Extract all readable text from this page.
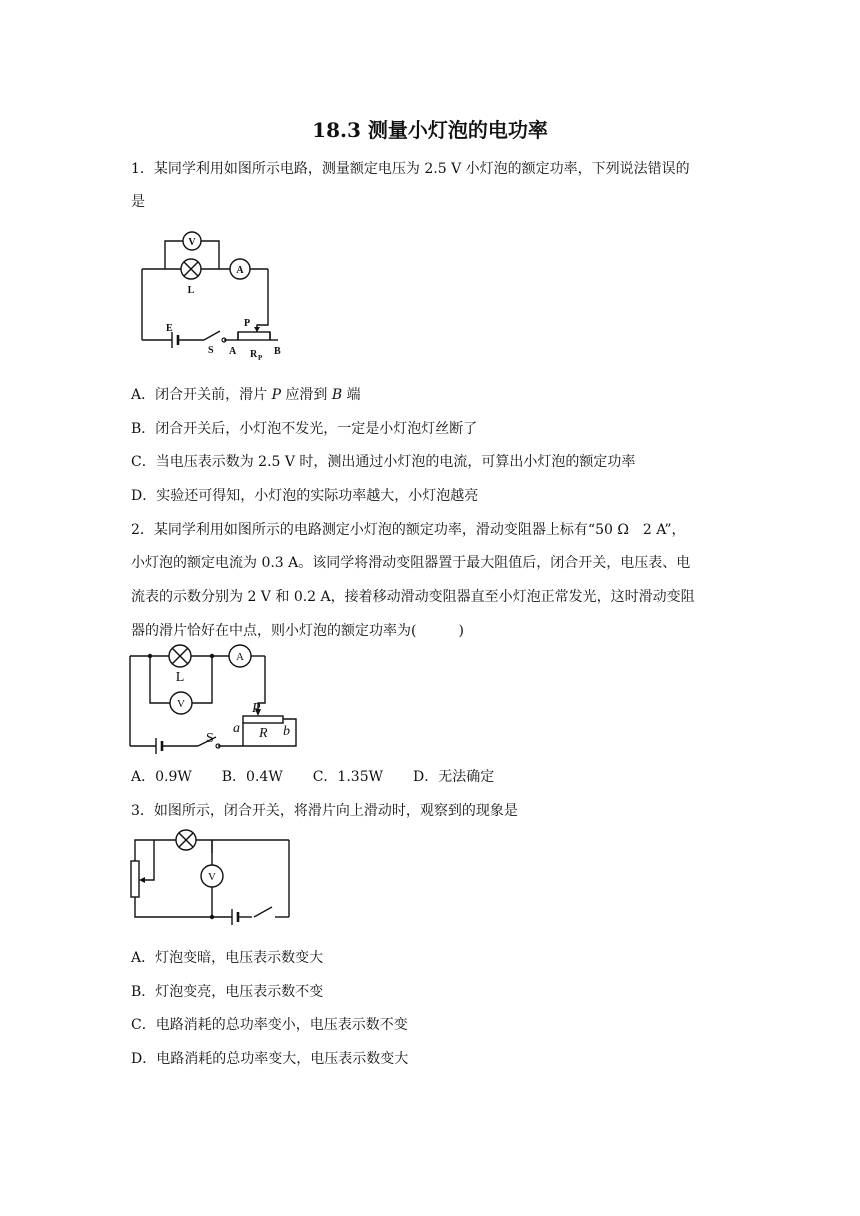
18.3 测量小灯泡的电功率

1．某同学利用如图所示电路，测量额定电压为 2.5 V 小灯泡的额定功率，下列说法错误的

是

V
A
L
E
S
P
A	B
R P

A．闭合开关前，滑片 P 应滑到 B 端

B．闭合开关后，小灯泡不发光，一定是小灯泡灯丝断了

C．当电压表示数为 2.5 V 时，测出通过小灯泡的电流，可算出小灯泡的额定功率

D．实验还可得知，小灯泡的实际功率越大，小灯泡越亮

2．某同学利用如图所示的电路测定小灯泡的额定功率，滑动变阻器上标有“50 Ω　2 A”，

小灯泡的额定电流为 0.3 A。该同学将滑动变阻器置于最大阻值后，闭合开关，电压表、电

流表的示数分别为 2 V 和 0.2 A，接着移动滑动变阻器直至小灯泡正常发光，这时滑动变阻

器的滑片恰好在中点，则小灯泡的额定功率为(　　　)

L
A
V
S
P
a R b
A．0.9W B．0.4W C．1.35W D．无法确定

3．如图所示，闭合开关，将滑片向上滑动时，观察到的现象是

V

A．灯泡变暗，电压表示数变大

B．灯泡变亮，电压表示数不变

C．电路消耗的总功率变小，电压表示数不变

D．电路消耗的总功率变大，电压表示数变大
